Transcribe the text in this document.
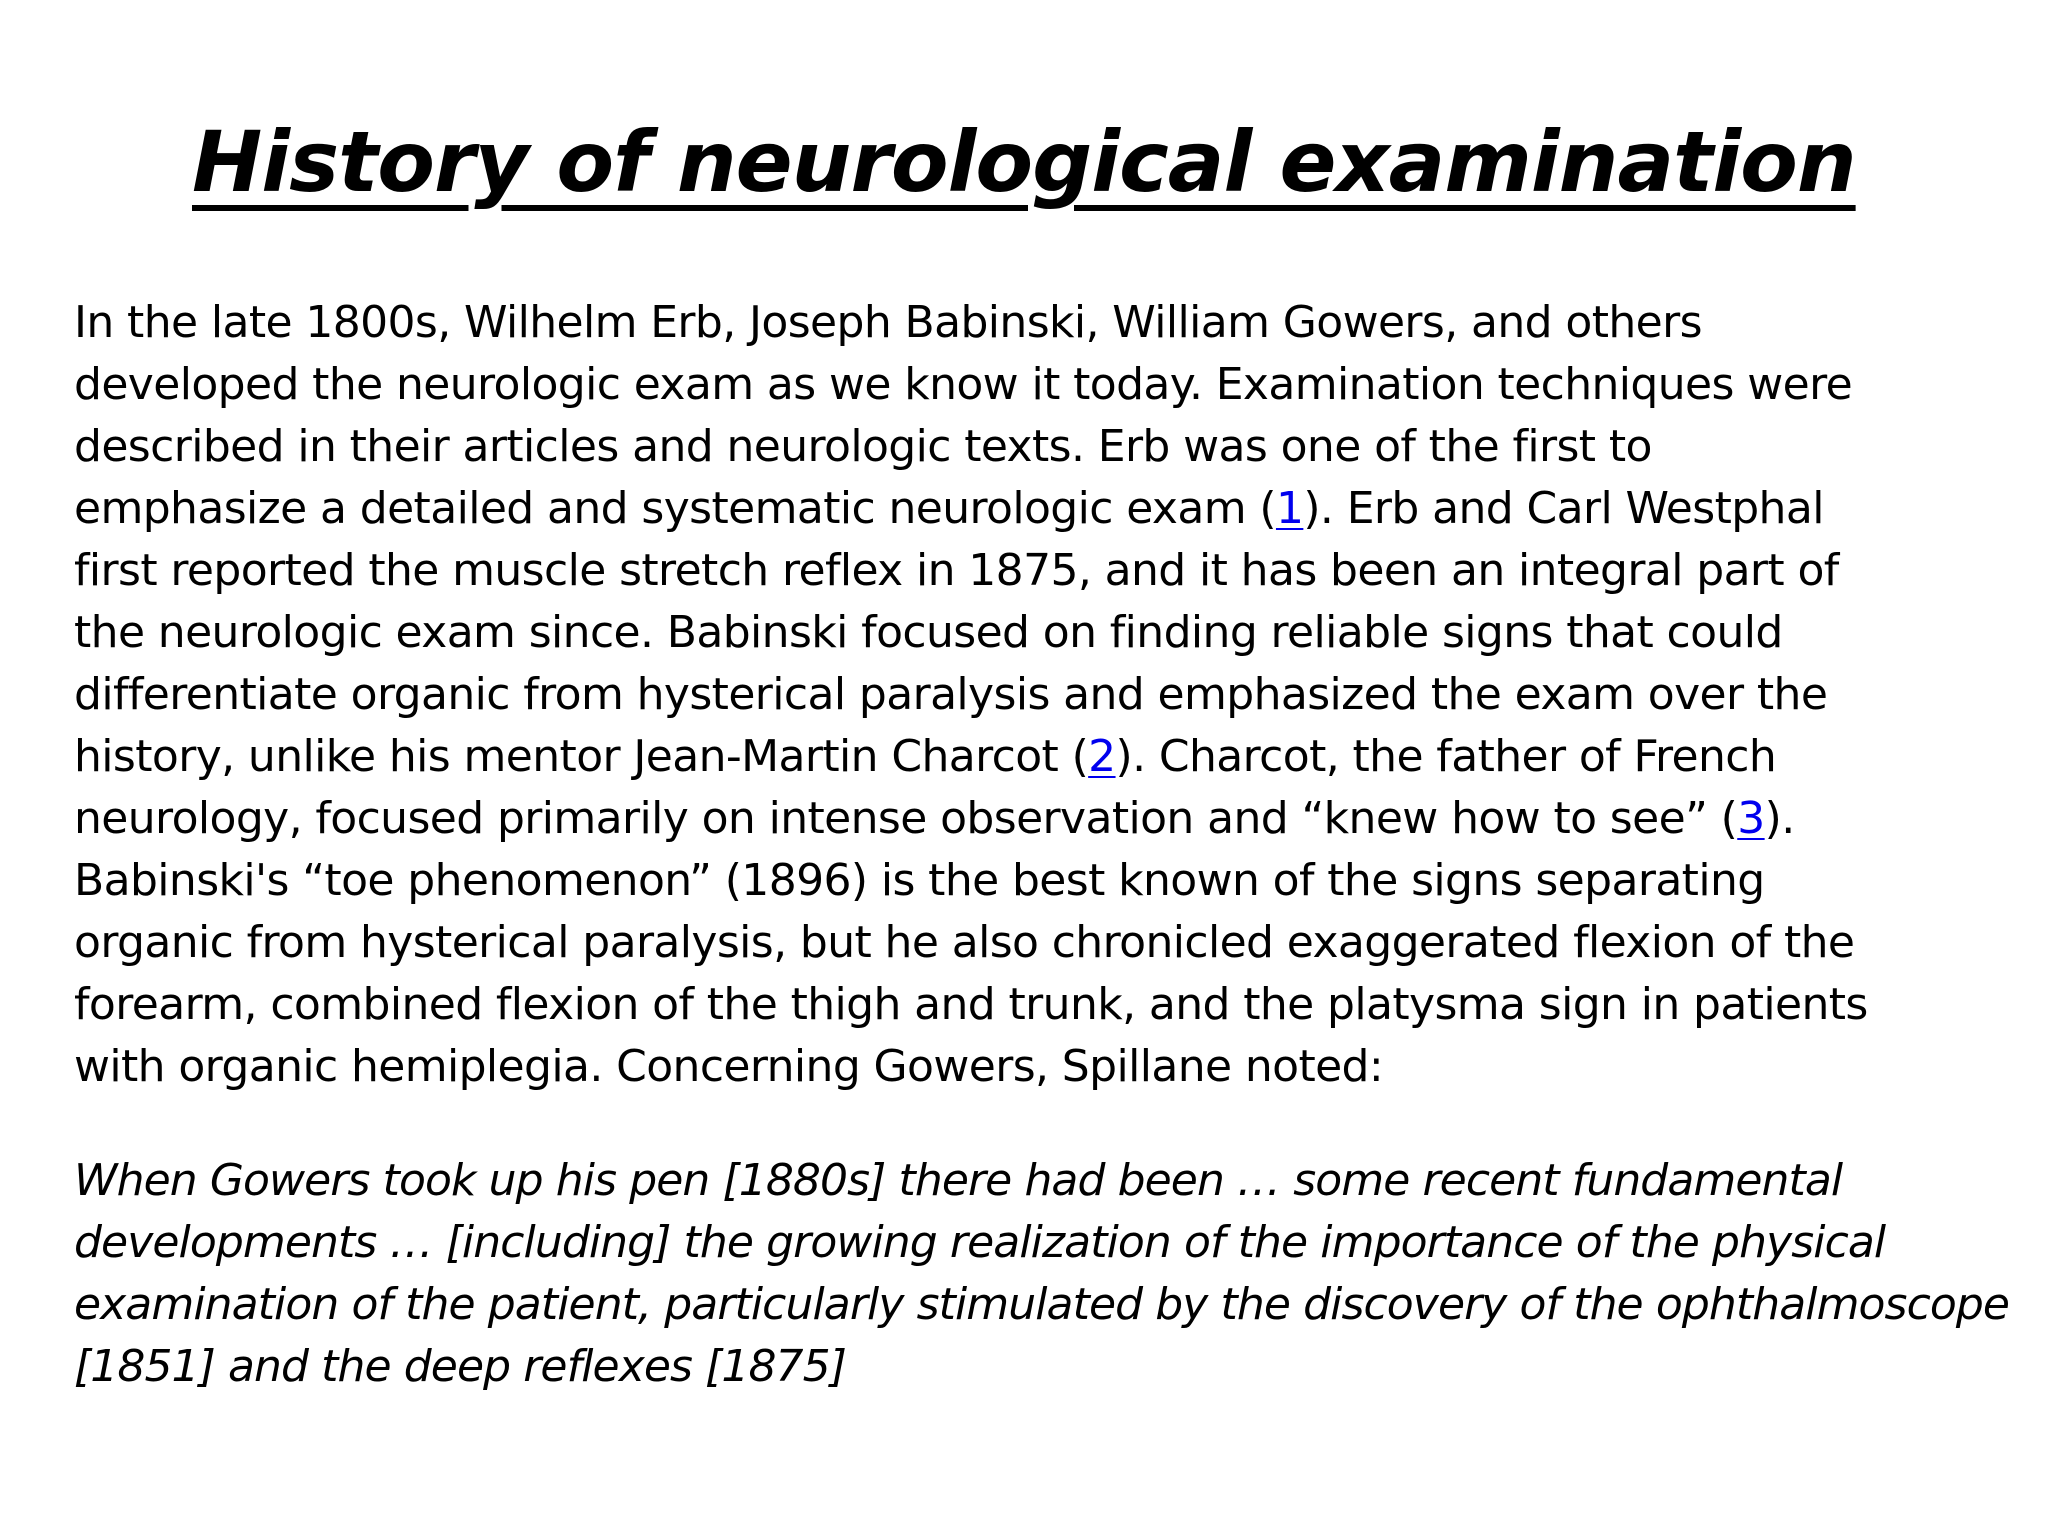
History of neurological examination

In the late 1800s, Wilhelm Erb, Joseph Babinski, William Gowers, and others
developed the neurologic exam as we know it today. Examination techniques were
described in their articles and neurologic texts. Erb was one of the first to
emphasize a detailed and systematic neurologic exam (1). Erb and Carl Westphal
first reported the muscle stretch reflex in 1875, and it has been an integral part of
the neurologic exam since. Babinski focused on finding reliable signs that could
differentiate organic from hysterical paralysis and emphasized the exam over the
history, unlike his mentor Jean-Martin Charcot (2). Charcot, the father of French
neurology, focused primarily on intense observation and “knew how to see” (3).
Babinski's “toe phenomenon” (1896) is the best known of the signs separating
organic from hysterical paralysis, but he also chronicled exaggerated flexion of the
forearm, combined flexion of the thigh and trunk, and the platysma sign in patients
with organic hemiplegia. Concerning Gowers, Spillane noted:

When Gowers took up his pen [1880s] there had been … some recent fundamental
developments … [including] the growing realization of the importance of the physical
examination of the patient, particularly stimulated by the discovery of the ophthalmoscope
[1851] and the deep reflexes [1875]
